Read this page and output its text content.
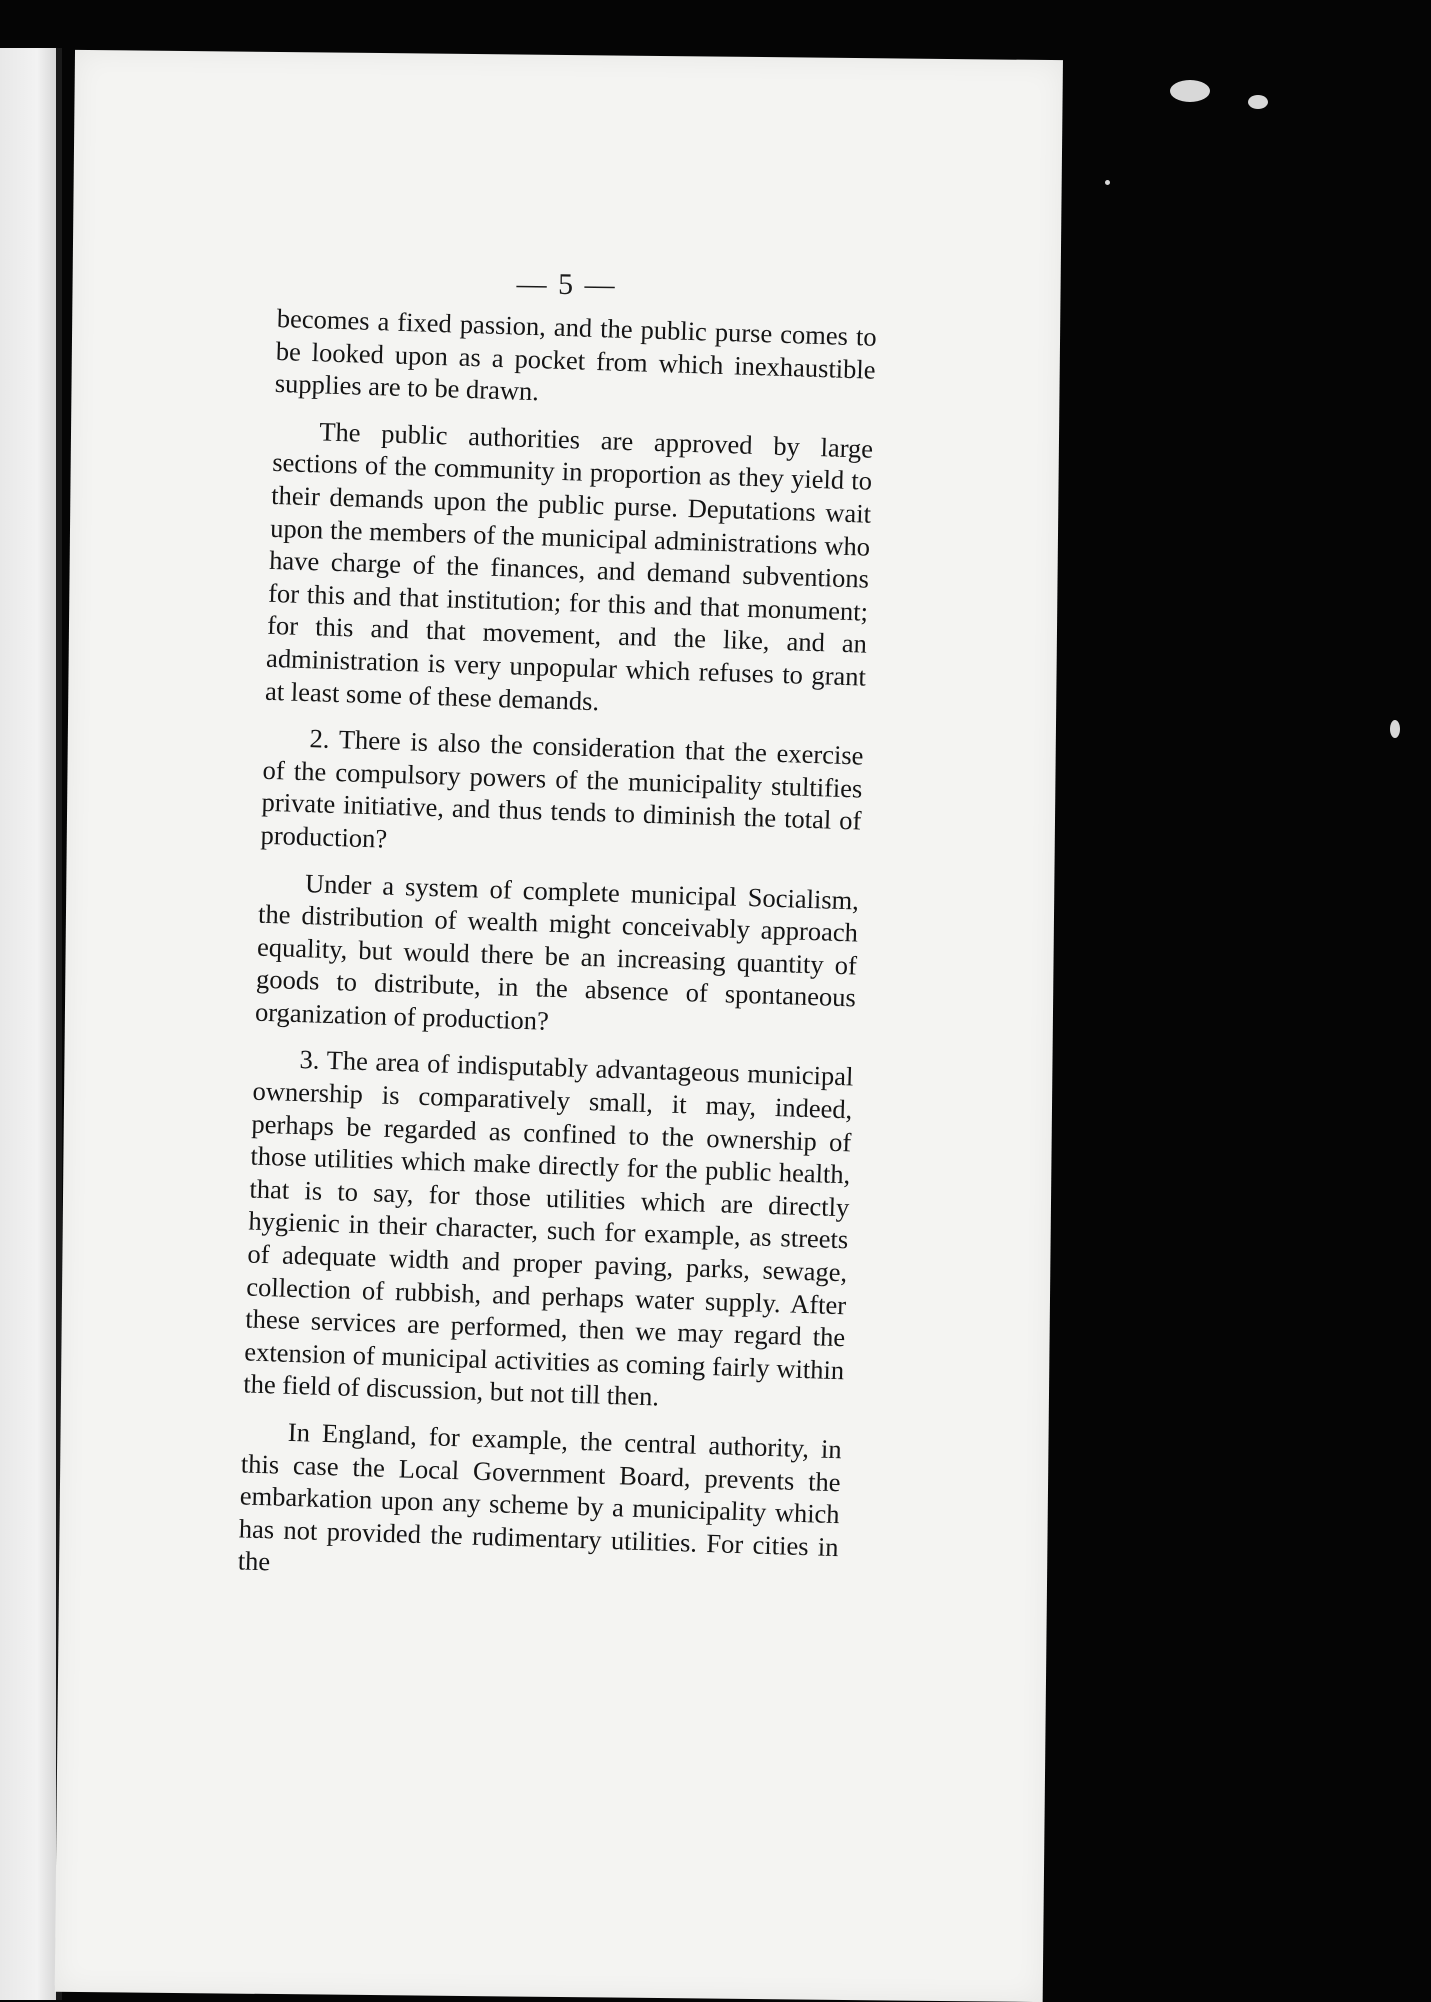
— 5 —

becomes a fixed passion, and the public purse comes to be looked upon as a pocket from which inexhaustible supplies are to be drawn.

The public authorities are approved by large sections of the community in proportion as they yield to their demands upon the public purse. Deputations wait upon the members of the municipal administrations who have charge of the finances, and demand subventions for this and that institution; for this and that monument; for this and that movement, and the like, and an administration is very unpopular which refuses to grant at least some of these demands.

2. There is also the consideration that the exercise of the compulsory powers of the municipality stultifies private initiative, and thus tends to diminish the total of production?

Under a system of complete municipal Socialism, the distribution of wealth might conceivably approach equality, but would there be an increasing quantity of goods to distribute, in the absence of spontaneous organization of production?

3. The area of indisputably advantageous municipal ownership is comparatively small, it may, indeed, perhaps be regarded as confined to the ownership of those utilities which make directly for the public health, that is to say, for those utilities which are directly hygienic in their character, such for example, as streets of adequate width and proper paving, parks, sewage, collection of rubbish, and perhaps water supply. After these services are performed, then we may regard the extension of municipal activities as coming fairly within the field of discussion, but not till then.

In England, for example, the central authority, in this case the Local Government Board, prevents the embarkation upon any scheme by a municipality which has not provided the rudimentary utilities. For cities in the
